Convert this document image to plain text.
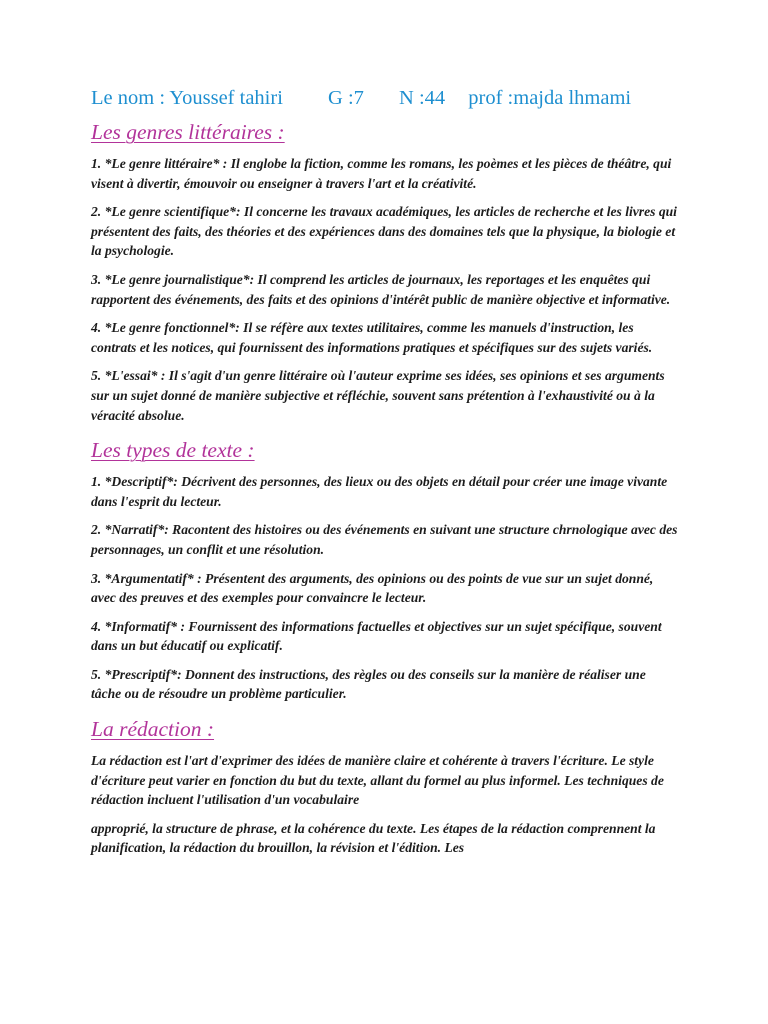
Le nom : Youssef tahiri G :7 N :44 prof :majda lhmami
Les genres littéraires :

1. *Le genre littéraire* : Il englobe la fiction, comme les romans, les poèmes et les pièces de théâtre, qui visent à divertir, émouvoir ou enseigner à travers l'art et la créativité.

2. *Le genre scientifique*: Il concerne les travaux académiques, les articles de recherche et les livres qui présentent des faits, des théories et des expériences dans des domaines tels que la physique, la biologie et la psychologie.

3. *Le genre journalistique*: Il comprend les articles de journaux, les reportages et les enquêtes qui rapportent des événements, des faits et des opinions d'intérêt public de manière objective et informative.

4. *Le genre fonctionnel*: Il se réfère aux textes utilitaires, comme les manuels d'instruction, les contrats et les notices, qui fournissent des informations pratiques et spécifiques sur des sujets variés.

5. *L'essai* : Il s'agit d'un genre littéraire où l'auteur exprime ses idées, ses opinions et ses arguments sur un sujet donné de manière subjective et réfléchie, souvent sans prétention à l'exhaustivité ou à la véracité absolue.

Les types de texte :

1. *Descriptif*: Décrivent des personnes, des lieux ou des objets en détail pour créer une image vivante dans l'esprit du lecteur.

2. *Narratif*: Racontent des histoires ou des événements en suivant une structure chrnologique avec des personnages, un conflit et une résolution.

3. *Argumentatif* : Présentent des arguments, des opinions ou des points de vue sur un sujet donné, avec des preuves et des exemples pour convaincre le lecteur.

4. *Informatif* : Fournissent des informations factuelles et objectives sur un sujet spécifique, souvent dans un but éducatif ou explicatif.

5. *Prescriptif*: Donnent des instructions, des règles ou des conseils sur la manière de réaliser une tâche ou de résoudre un problème particulier.

La rédaction :

La rédaction est l'art d'exprimer des idées de manière claire et cohérente à travers l'écriture. Le style d'écriture peut varier en fonction du but du texte, allant du formel au plus informel. Les techniques de rédaction incluent l'utilisation d'un vocabulaire

approprié, la structure de phrase, et la cohérence du texte. Les étapes de la rédaction comprennent la planification, la rédaction du brouillon, la révision et l'édition. Les
